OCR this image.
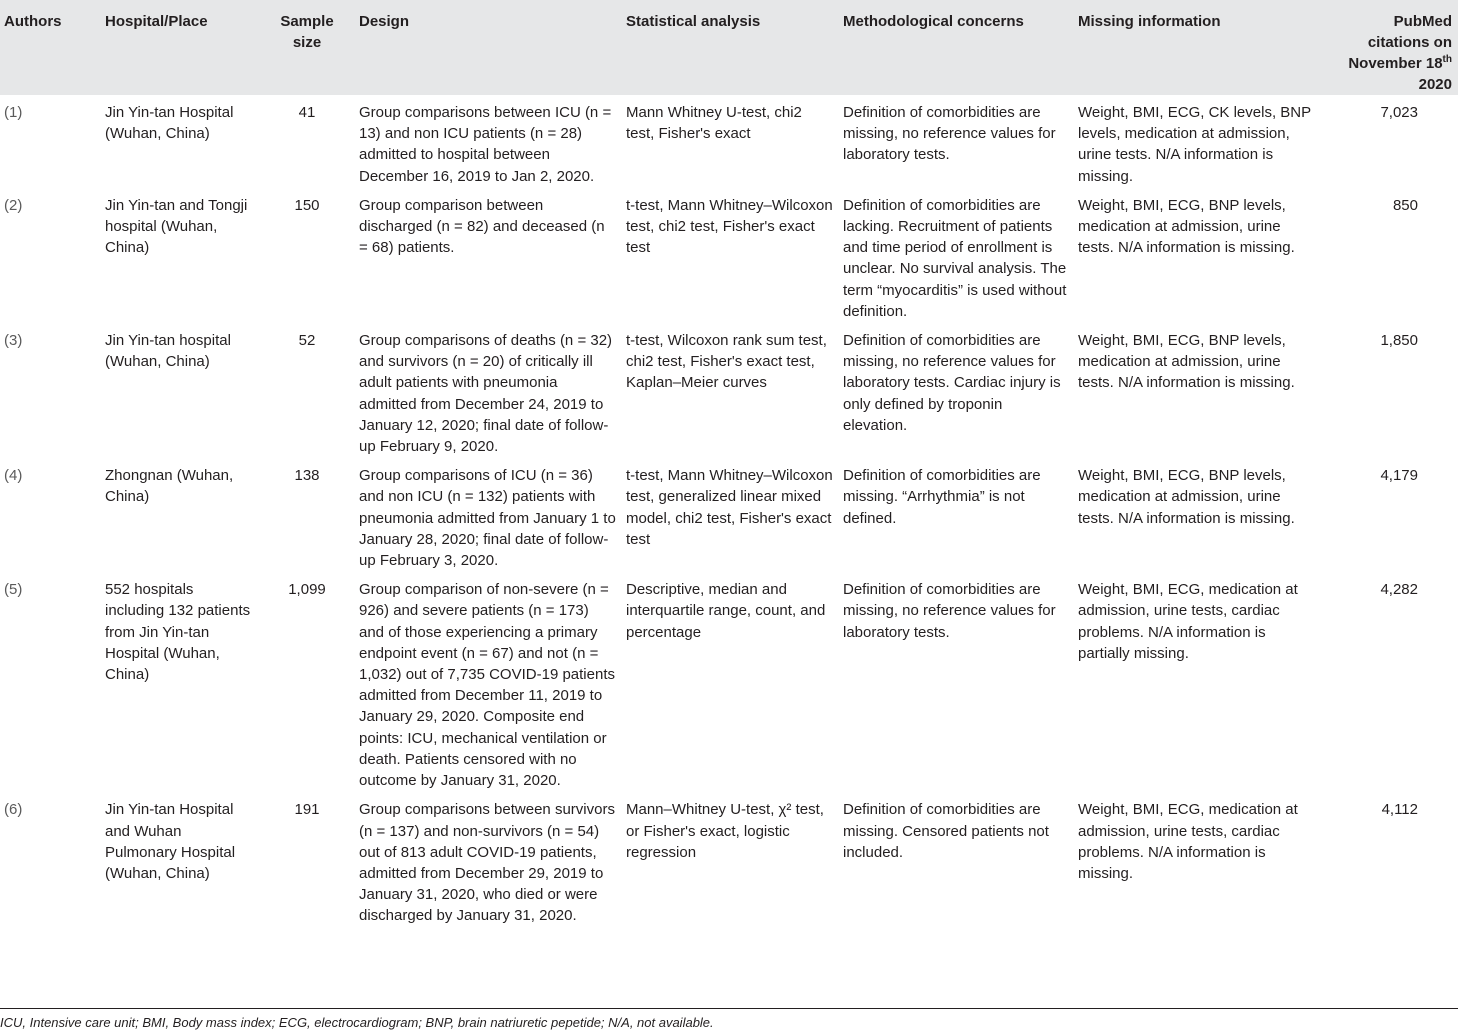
Authors	Hospital/Place	Sample size	Design	Statistical analysis	Methodological concerns	Missing information	PubMed citations on November 18th 2020
(1)	Jin Yin-tan Hospital (Wuhan, China)	41	Group comparisons between ICU (n = 13) and non ICU patients (n = 28) admitted to hospital between December 16, 2019 to Jan 2, 2020.	Mann Whitney U-test, chi2 test, Fisher's exact	Definition of comorbidities are missing, no reference values for laboratory tests.	Weight, BMI, ECG, CK levels, BNP levels, medication at admission, urine tests. N/A information is missing.	7,023
(2)	Jin Yin-tan and Tongji hospital (Wuhan, China)	150	Group comparison between discharged (n = 82) and deceased (n = 68) patients.	t-test, Mann Whitney–Wilcoxon test, chi2 test, Fisher's exact test	Definition of comorbidities are lacking. Recruitment of patients and time period of enrollment is unclear. No survival analysis. The term “myocarditis” is used without definition.	Weight, BMI, ECG, BNP levels, medication at admission, urine tests. N/A information is missing.	850
(3)	Jin Yin-tan hospital (Wuhan, China)	52	Group comparisons of deaths (n = 32) and survivors (n = 20) of critically ill adult patients with pneumonia admitted from December 24, 2019 to January 12, 2020; final date of follow-up February 9, 2020.	t-test, Wilcoxon rank sum test, chi2 test, Fisher's exact test, Kaplan–Meier curves	Definition of comorbidities are missing, no reference values for laboratory tests. Cardiac injury is only defined by troponin elevation.	Weight, BMI, ECG, BNP levels, medication at admission, urine tests. N/A information is missing.	1,850
(4)	Zhongnan (Wuhan, China)	138	Group comparisons of ICU (n = 36) and non ICU (n = 132) patients with pneumonia admitted from January 1 to January 28, 2020; final date of follow-up February 3, 2020.	t-test, Mann Whitney–Wilcoxon test, generalized linear mixed model, chi2 test, Fisher's exact test	Definition of comorbidities are missing. “Arrhythmia” is not defined.	Weight, BMI, ECG, BNP levels, medication at admission, urine tests. N/A information is missing.	4,179
(5)	552 hospitals including 132 patients from Jin Yin-tan Hospital (Wuhan, China)	1,099	Group comparison of non-severe (n = 926) and severe patients (n = 173) and of those experiencing a primary endpoint event (n = 67) and not (n = 1,032) out of 7,735 COVID-19 patients admitted from December 11, 2019 to January 29, 2020. Composite end points: ICU, mechanical ventilation or death. Patients censored with no outcome by January 31, 2020.	Descriptive, median and interquartile range, count, and percentage	Definition of comorbidities are missing, no reference values for laboratory tests.	Weight, BMI, ECG, medication at admission, urine tests, cardiac problems. N/A information is partially missing.	4,282
(6)	Jin Yin-tan Hospital and Wuhan Pulmonary Hospital (Wuhan, China)	191	Group comparisons between survivors (n = 137) and non-survivors (n = 54) out of 813 adult COVID-19 patients, admitted from December 29, 2019 to January 31, 2020, who died or were discharged by January 31, 2020.	Mann–Whitney U-test, χ² test, or Fisher's exact, logistic regression	Definition of comorbidities are missing. Censored patients not included.	Weight, BMI, ECG, medication at admission, urine tests, cardiac problems. N/A information is missing.	4,112
ICU, Intensive care unit; BMI, Body mass index; ECG, electrocardiogram; BNP, brain natriuretic pepetide; N/A, not available.
